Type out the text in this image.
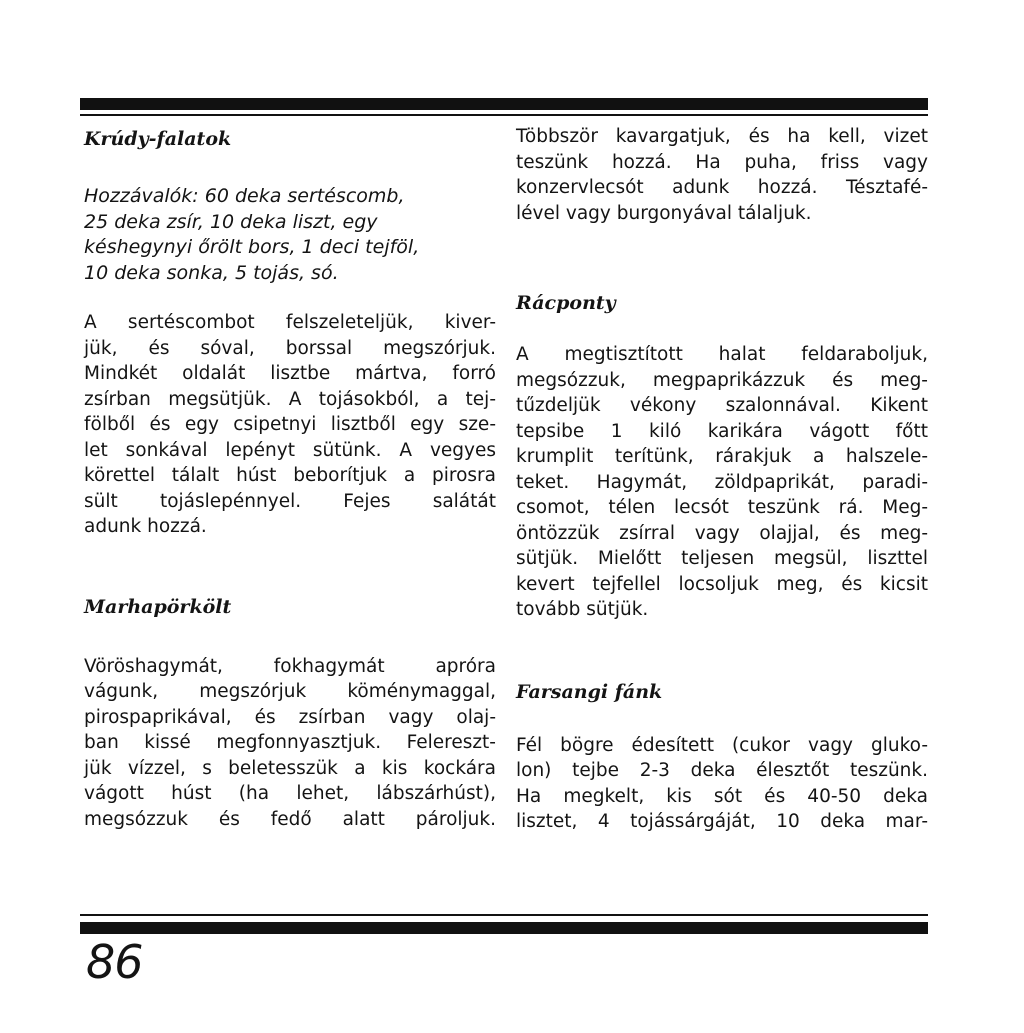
Krúdy-falatok
Hozzávalók: 60 deka sertéscomb,
25 deka zsír, 10 deka liszt, egy
késhegynyi őrölt bors, 1 deci tejföl,
10 deka sonka, 5 tojás, só.
A sertéscombot felszeleteljük, kiver-
jük, és sóval, borssal megszórjuk.
Mindkét oldalát lisztbe mártva, forró
zsírban megsütjük. A tojásokból, a tej-
fölből és egy csipetnyi lisztből egy sze-
let sonkával lepényt sütünk. A vegyes
körettel tálalt húst beborítjuk a pirosra
sült tojáslepénnyel. Fejes salátát
adunk hozzá.
Marhapörkölt
Vöröshagymát, fokhagymát apróra
vágunk, megszórjuk köménymaggal,
pirospaprikával, és zsírban vagy olaj-
ban kissé megfonnyasztjuk. Felereszt-
jük vízzel, s beletesszük a kis kockára
vágott húst (ha lehet, lábszárhúst),
megsózzuk és fedő alatt pároljuk.
Többször kavargatjuk, és ha kell, vizet
teszünk hozzá. Ha puha, friss vagy
konzervlecsót adunk hozzá. Tésztafé-
lével vagy burgonyával tálaljuk.
Rácponty
A megtisztított halat feldaraboljuk,
megsózzuk, megpaprikázzuk és meg-
tűzdeljük vékony szalonnával. Kikent
tepsibe 1 kiló karikára vágott főtt
krumplit terítünk, rárakjuk a halszele-
teket. Hagymát, zöldpaprikát, paradi-
csomot, télen lecsót teszünk rá. Meg-
öntözzük zsírral vagy olajjal, és meg-
sütjük. Mielőtt teljesen megsül, liszttel
kevert tejfellel locsoljuk meg, és kicsit
tovább sütjük.
Farsangi fánk
Fél bögre édesített (cukor vagy gluko-
lon) tejbe 2-3 deka élesztőt teszünk.
Ha megkelt, kis sót és 40-50 deka
lisztet, 4 tojássárgáját, 10 deka mar-
86
